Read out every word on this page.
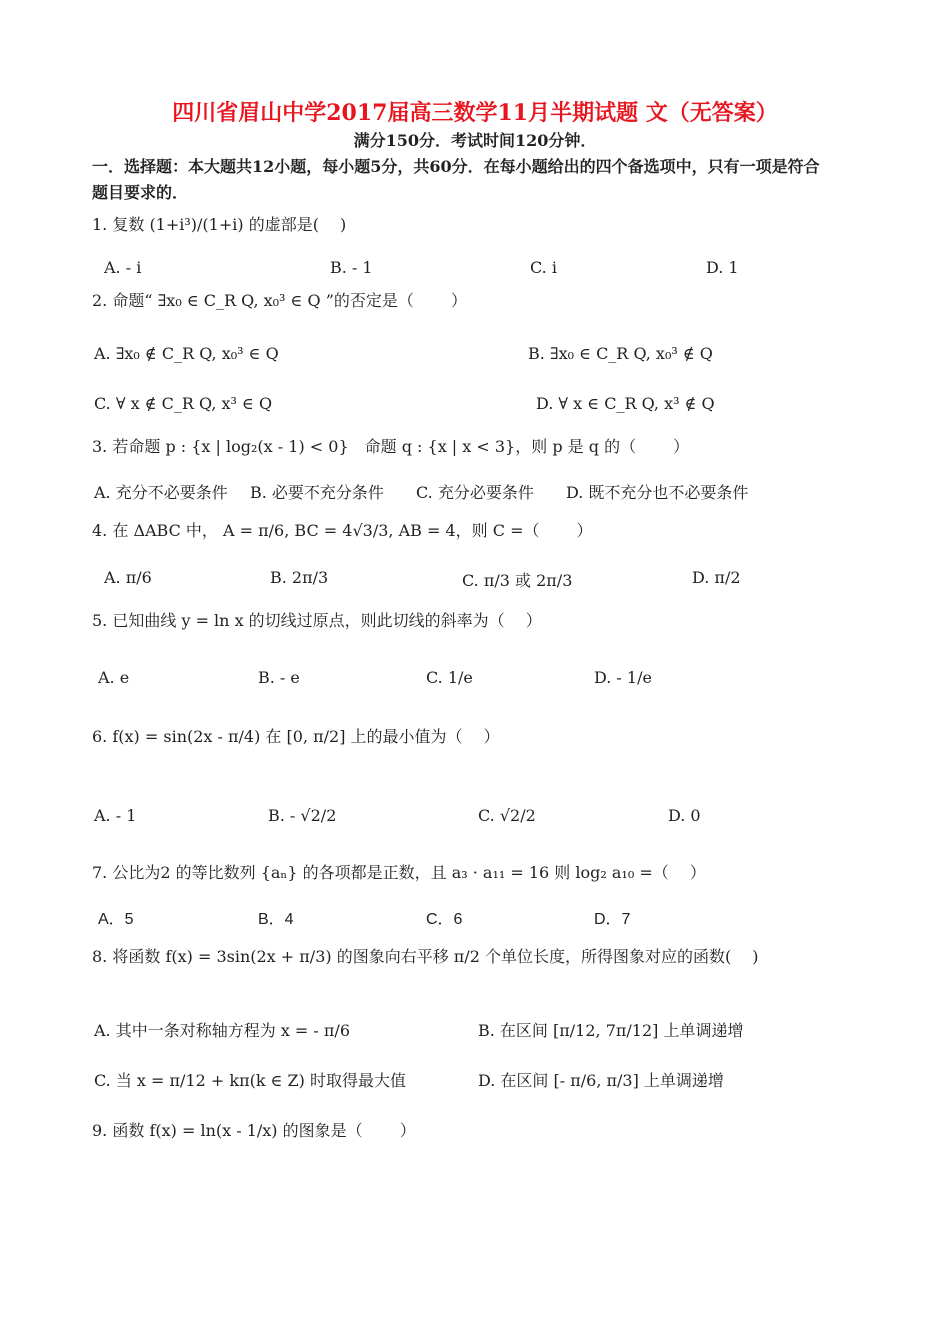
四川省眉山中学2017届高三数学11月半期试题 文（无答案）
满分150分．考试时间120分钟．
一．选择题：本大题共12小题，每小题5分，共60分．在每小题给出的四个备选项中，只有一项是符合
题目要求的．
1. 复数 (1+i³)/(1+i) 的虚部是(　 )
A. - i	B. - 1	C. i	D. 1
2. 命题“ ∃x₀ ∈ C_R Q, x₀³ ∈ Q ”的否定是（　　 ）
A. ∃x₀ ∉ C_R Q, x₀³ ∈ Q	B. ∃x₀ ∈ C_R Q, x₀³ ∉ Q
C. ∀ x ∉ C_R Q, x³ ∈ Q	D. ∀ x ∈ C_R Q, x³ ∉ Q
3. 若命题 p : {x | log₂(x - 1) < 0}　命题 q : {x | x < 3}，则 p 是 q 的（　　 ）
A. 充分不必要条件 B. 必要不充分条件 C. 充分必要条件 D. 既不充分也不必要条件
4. 在 ΔABC 中， A = π/6, BC = 4√3/3, AB = 4，则 C =（　　 ）
A. π/6	B. 2π/3	C. π/3 或 2π/3	D. π/2
5. 已知曲线 y = ln x 的切线过原点，则此切线的斜率为（　 ）
A. e	B. - e	C. 1/e	D. - 1/e
6. f(x) = sin(2x - π/4) 在 [0, π/2] 上的最小值为（　 ）
A. - 1	B. - √2/2	C. √2/2	D. 0
7. 公比为2 的等比数列 {aₙ} 的各项都是正数，且 a₃ · a₁₁ = 16 则 log₂ a₁₀ =（　 ）
A．5	B．4	C．6	D．7
8. 将函数 f(x) = 3sin(2x + π/3) 的图象向右平移 π/2 个单位长度，所得图象对应的函数(　 )
A. 其中一条对称轴方程为 x = - π/6	B. 在区间 [π/12, 7π/12] 上单调递增
C. 当 x = π/12 + kπ(k ∈ Z) 时取得最大值	D. 在区间 [- π/6, π/3] 上单调递增
9. 函数 f(x) = ln(x - 1/x) 的图象是（　　 ）
